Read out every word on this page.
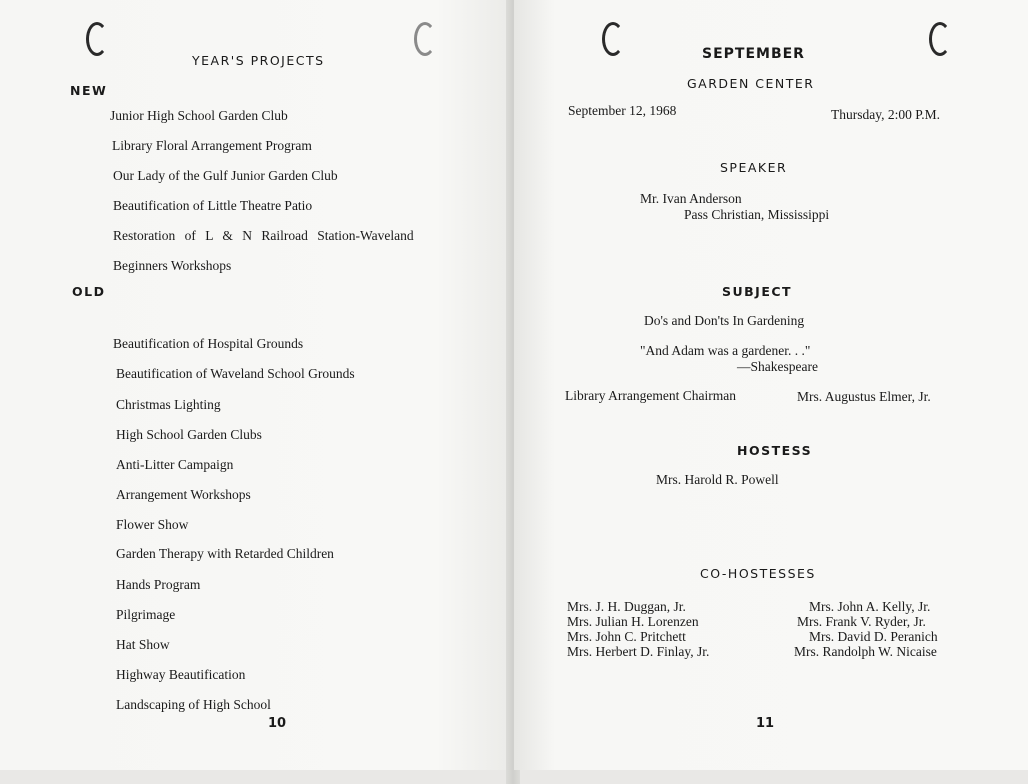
YEAR'S PROJECTS
NEW
Junior High School Garden Club
Library Floral Arrangement Program
Our Lady of the Gulf Junior Garden Club
Beautification of Little Theatre Patio
Restoration of L & N Railroad Station-Waveland
Beginners Workshops
OLD
Beautification of Hospital Grounds
Beautification of Waveland School Grounds
Christmas Lighting
High School Garden Clubs
Anti-Litter Campaign
Arrangement Workshops
Flower Show
Garden Therapy with Retarded Children
Hands Program
Pilgrimage
Hat Show
Highway Beautification
Landscaping of High School
10
SEPTEMBER
GARDEN CENTER
September 12, 1968	Thursday, 2:00 P.M.
SPEAKER
Mr. Ivan Anderson
Pass Christian, Mississippi
SUBJECT
Do's and Don'ts In Gardening
"And Adam was a gardener. . ."
—Shakespeare
Library Arrangement Chairman	Mrs. Augustus Elmer, Jr.
HOSTESS
Mrs. Harold R. Powell
CO-HOSTESSES
Mrs. J. H. Duggan, Jr.
Mrs. Julian H. Lorenzen
Mrs. John C. Pritchett
Mrs. Herbert D. Finlay, Jr.
Mrs. John A. Kelly, Jr.
Mrs. Frank V. Ryder, Jr.
Mrs. David D. Peranich
Mrs. Randolph W. Nicaise
11
